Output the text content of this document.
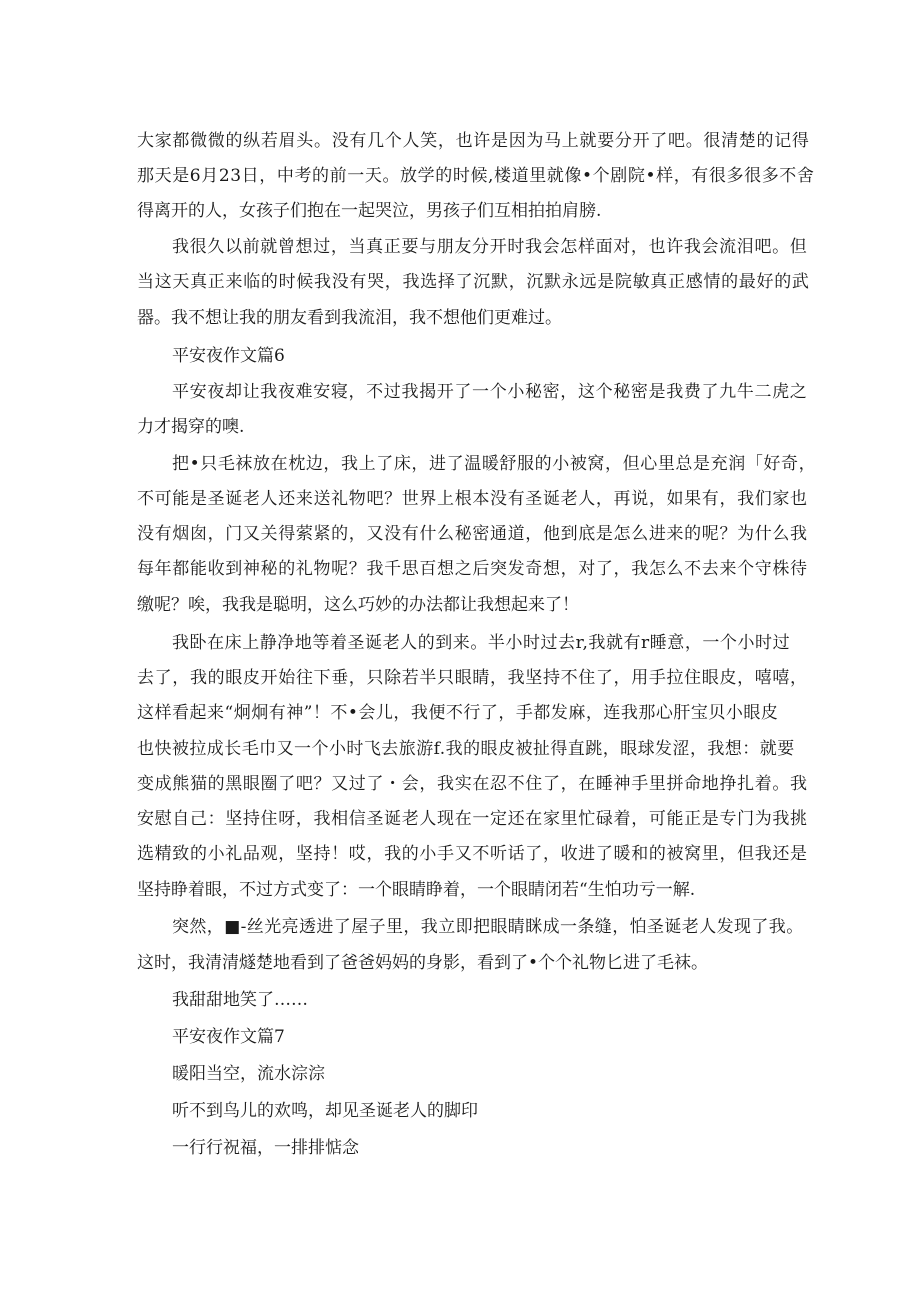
大家都微微的纵若眉头。没有几个人笑，也许是因为马上就要分开了吧。很清楚的记得
那天是6月23日，中考的前一天。放学的时候,楼道里就像•个剧院•样，有很多很多不舍
得离开的人，女孩子们抱在一起哭泣，男孩子们互相拍拍肩膀.
我很久以前就曾想过，当真正要与朋友分开时我会怎样面对，也许我会流泪吧。但
当这天真正来临的时候我没有哭，我选择了沉默，沉默永远是院敏真正感情的最好的武
器。我不想让我的朋友看到我流泪，我不想他们更难过。
平安夜作文篇6
平安夜却让我夜难安寝，不过我揭开了一个小秘密，这个秘密是我费了九牛二虎之
力才揭穿的噢.
把•只毛袜放在枕边，我上了床，进了温暖舒服的小被窝，但心里总是充润「好奇，
不可能是圣诞老人还来送礼物吧？世界上根本没有圣诞老人，再说，如果有，我们家也
没有烟囱，门又关得萦紧的，又没有什么秘密通道，他到底是怎么进来的呢？为什么我
每年都能收到神秘的礼物呢？我千思百想之后突发奇想，对了，我怎么不去来个守株待
缴呢？唉，我我是聪明，这么巧妙的办法都让我想起来了！
我卧在床上静净地等着圣诞老人的到来。半小时过去r,我就有r睡意，一个小时过
去了，我的眼皮开始往下垂，只除若半只眼睛，我坚持不住了，用手拉住眼皮，嘻嘻，
这样看起来“炯炯有神”！不•会儿，我便不行了，手都发麻，连我那心肝宝贝小眼皮
也快被拉成长毛巾又一个小时飞去旅游f.我的眼皮被扯得直跳，眼球发涩，我想：就要
变成熊猫的黑眼圈了吧？又过了・会，我实在忍不住了，在睡神手里拼命地挣扎着。我
安慰自己：坚持住呀，我相信圣诞老人现在一定还在家里忙碌着，可能正是专门为我挑
选精致的小礼品观，坚持！哎，我的小手又不听话了，收进了暖和的被窝里，但我还是
坚持睁着眼，不过方式变了：一个眼睛睁着，一个眼睛闭若“生怕功亏一解.
突然，■-丝光亮透进了屋子里，我立即把眼睛眯成一条缝，怕圣诞老人发现了我。
这时，我清清燧楚地看到了爸爸妈妈的身影，看到了•个个礼物匕进了毛袜。
我甜甜地笑了……
平安夜作文篇7
暖阳当空，流水淙淙
听不到鸟儿的欢鸣，却见圣诞老人的脚印
一行行祝福，一排排惦念
